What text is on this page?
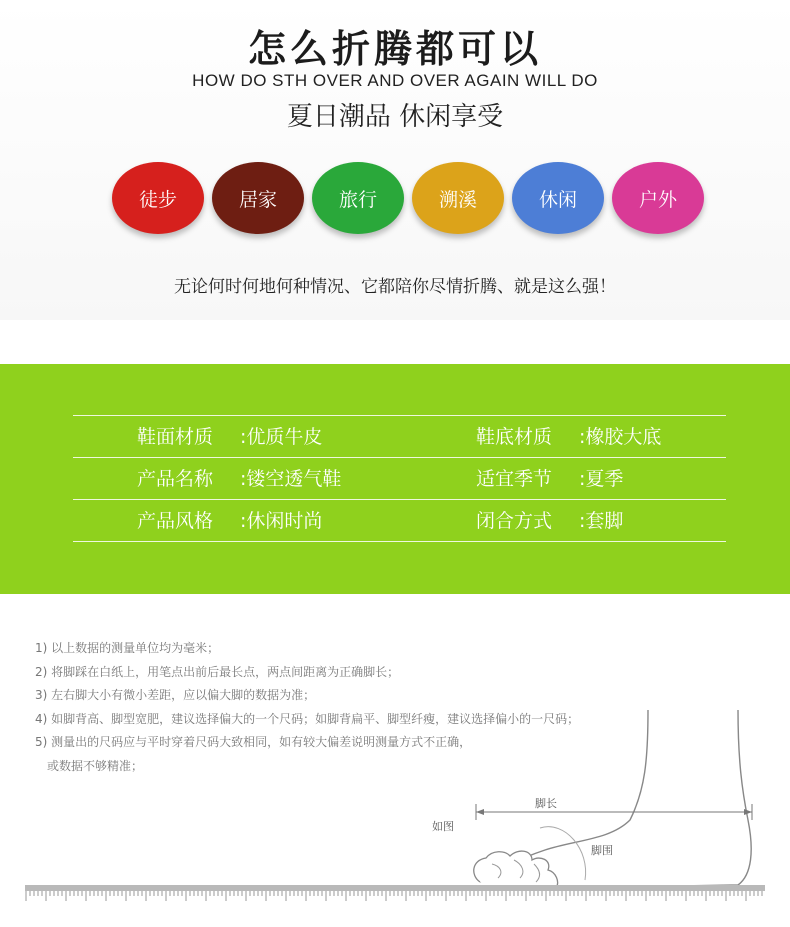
怎么折腾都可以
HOW DO STH OVER AND OVER AGAIN WILL DO
夏日潮品 休闲享受
徒步	居家	旅行	溯溪	休闲	户外
无论何时何地何种情况、它都陪你尽情折腾、就是这么强！
鞋面材质	:优质牛皮	鞋底材质	:橡胶大底
产品名称	:镂空透气鞋	适宜季节	:夏季
产品风格	:休闲时尚	闭合方式	:套脚
脚长
如图
脚围
1) 以上数据的测量单位均为毫米；
2) 将脚踩在白纸上，用笔点出前后最长点，两点间距离为正确脚长；
3) 左右脚大小有微小差距，应以偏大脚的数据为准；
4) 如脚背高、脚型宽肥，建议选择偏大的一个尺码；如脚背扁平、脚型纤瘦，建议选择偏小的一尺码；
5) 测量出的尺码应与平时穿着尺码大致相同，如有较大偏差说明测量方式不正确，
或数据不够精准；
